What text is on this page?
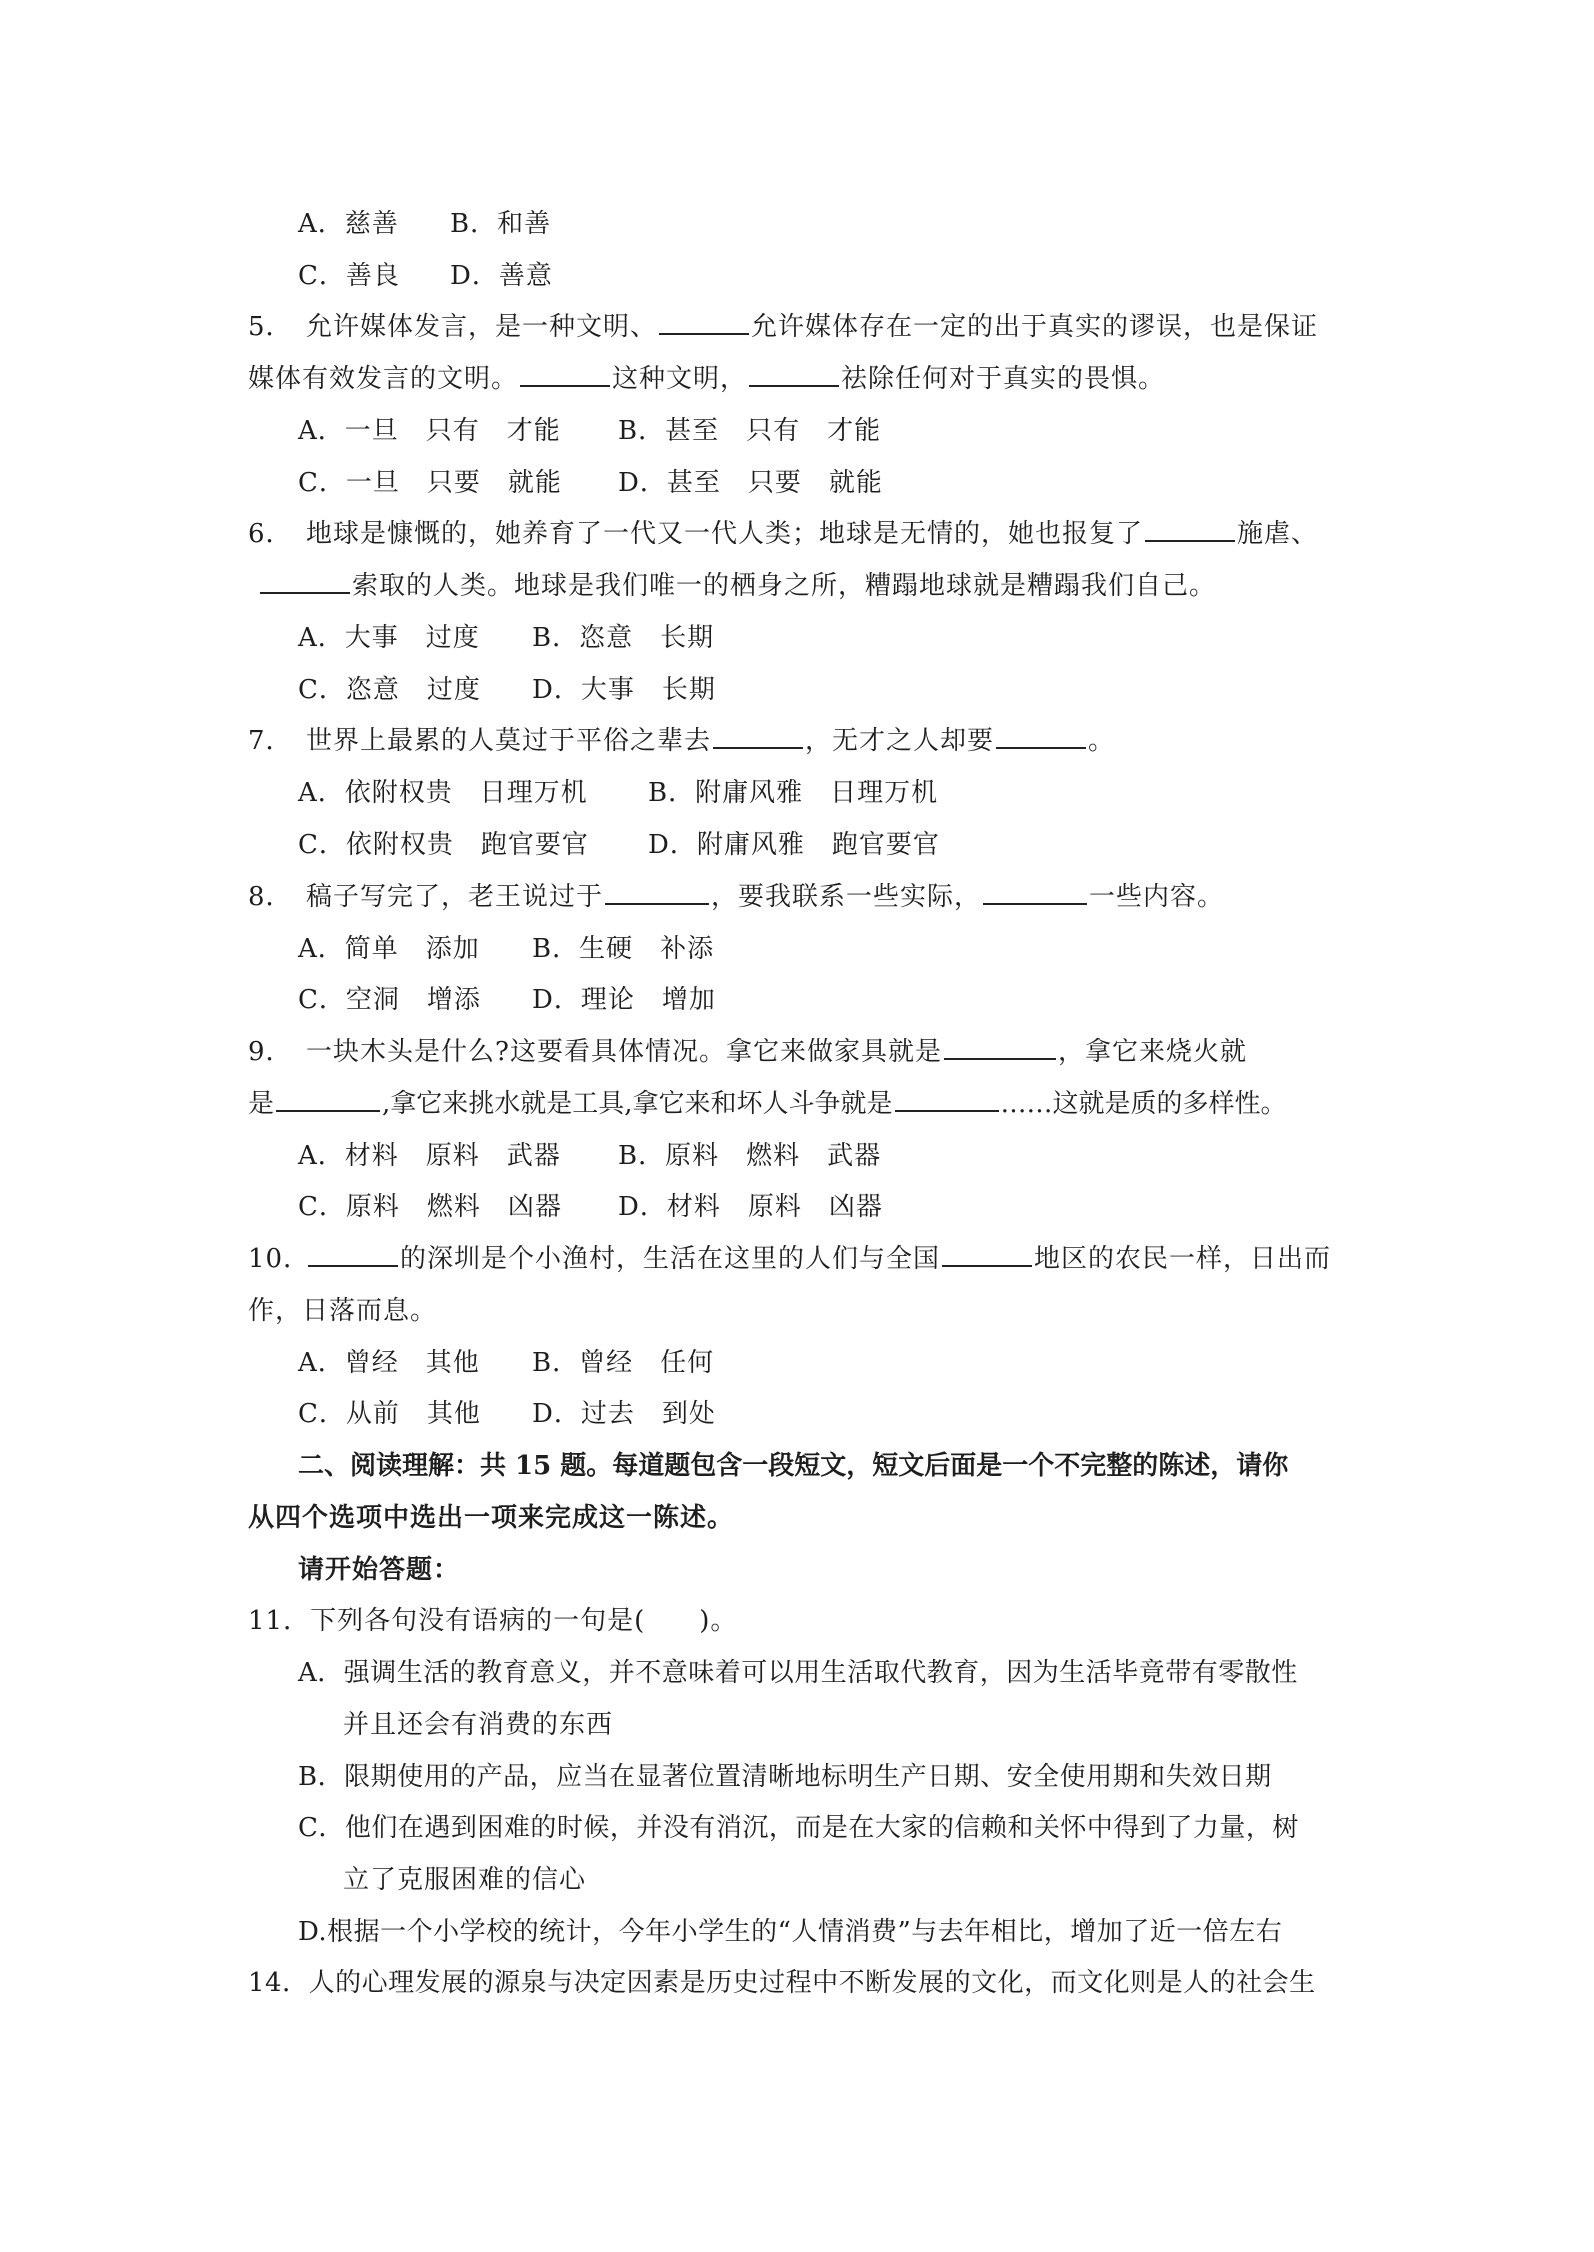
A．慈善 B．和善
C．善良 D．善意
5． 允许媒体发言，是一种文明、	允许媒体存在一定的出于真实的谬误，也是保证
媒体有效发言的文明。	这种文明，	祛除任何对于真实的畏惧。
A．一旦　只有　才能 B．甚至　只有　才能
C．一旦　只要　就能 D．甚至　只要　就能
6． 地球是慷慨的，她养育了一代又一代人类；地球是无情的，她也报复了	施虐、
索取的人类。地球是我们唯一的栖身之所，糟蹋地球就是糟蹋我们自己。
A．大事　过度 B．恣意　长期
C．恣意　过度 D．大事　长期
7． 世界上最累的人莫过于平俗之辈去	，无才之人却要	。
A．依附权贵　日理万机 B．附庸风雅　日理万机
C．依附权贵　跑官要官 D．附庸风雅　跑官要官
8． 稿子写完了，老王说过于	，要我联系一些实际，	一些内容。
A．简单　添加 B．生硬　补添
C．空洞　增添 D．理论　增加
9． 一块木头是什么?这要看具体情况。拿它来做家具就是	，拿它来烧火就
是	,拿它来挑水就是工具,拿它来和坏人斗争就是	……这就是质的多样性。
A．材料　原料　武器 B．原料　燃料　武器
C．原料　燃料　凶器 D．材料　原料　凶器
10．	的深圳是个小渔村，生活在这里的人们与全国	地区的农民一样，日出而
作，日落而息。
A．曾经　其他 B．曾经　任何
C．从前　其他 D．过去　到处
二、阅读理解：共 15 题。每道题包含一段短文，短文后面是一个不完整的陈述，请你
从四个选项中选出一项来完成这一陈述。
请开始答题：
11．下列各句没有语病的一句是(　　)。
A．强调生活的教育意义，并不意味着可以用生活取代教育，因为生活毕竟带有零散性
并且还会有消费的东西
B．限期使用的产品，应当在显著位置清晰地标明生产日期、安全使用期和失效日期
C．他们在遇到困难的时候，并没有消沉，而是在大家的信赖和关怀中得到了力量，树
立了克服困难的信心
D.根据一个小学校的统计，今年小学生的“人情消费”与去年相比，增加了近一倍左右
14．人的心理发展的源泉与决定因素是历史过程中不断发展的文化，而文化则是人的社会生
